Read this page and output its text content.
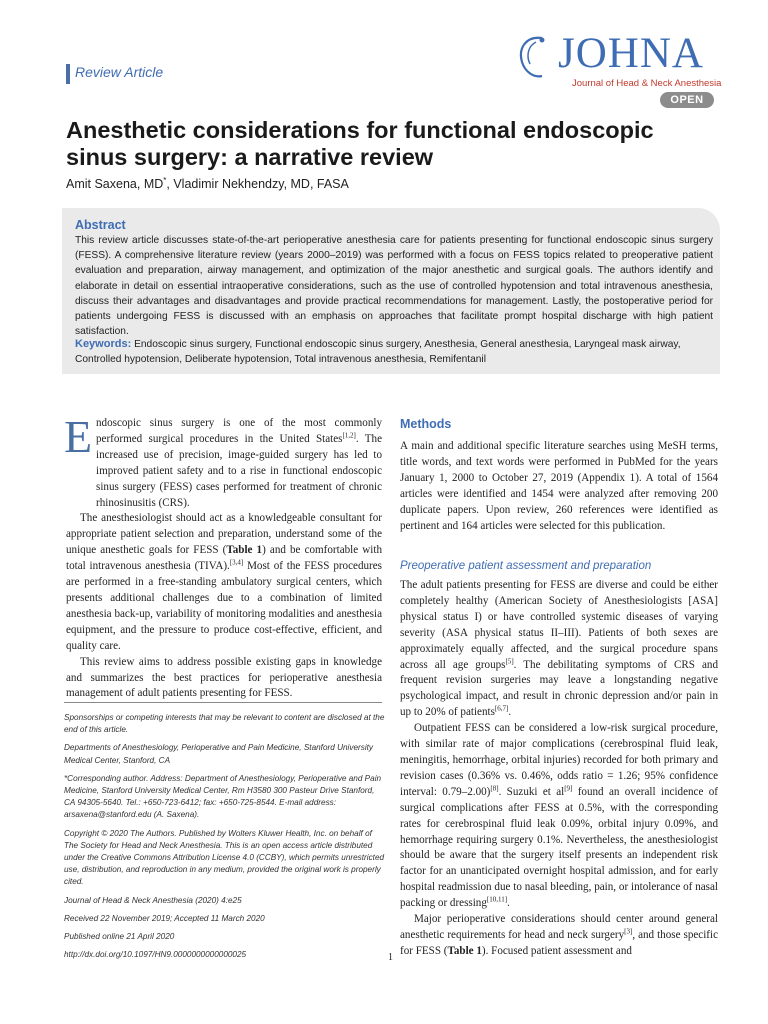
Review Article	JOHNA
Journal of Head & Neck Anesthesia
OPEN
Anesthetic considerations for functional endoscopic sinus surgery: a narrative review
Amit Saxena, MD*, Vladimir Nekhendzy, MD, FASA
Abstract
This review article discusses state-of-the-art perioperative anesthesia care for patients presenting for functional endoscopic sinus surgery (FESS). A comprehensive literature review (years 2000–2019) was performed with a focus on FESS topics related to preoperative patient evaluation and preparation, airway management, and optimization of the major anesthetic and surgical goals. The authors identify and elaborate in detail on essential intraoperative considerations, such as the use of controlled hypotension and total intravenous anesthesia, discuss their advantages and disadvantages and provide practical recommendations for management. Lastly, the postoperative period for patients undergoing FESS is discussed with an emphasis on approaches that facilitate prompt hospital discharge with high patient satisfaction.
Keywords: Endoscopic sinus surgery, Functional endoscopic sinus surgery, Anesthesia, General anesthesia, Laryngeal mask airway, Controlled hypotension, Deliberate hypotension, Total intravenous anesthesia, Remifentanil
E ndoscopic sinus surgery is one of the most commonly performed surgical procedures in the United States[1,2]. The increased use of precision, image-guided surgery has led to improved patient safety and to a rise in functional endoscopic sinus surgery (FESS) cases performed for treatment of chronic rhinosinusitis (CRS).

The anesthesiologist should act as a knowledgeable consultant for appropriate patient selection and preparation, understand some of the unique anesthetic goals for FESS (Table 1) and be comfortable with total intravenous anesthesia (TIVA).[3,4] Most of the FESS procedures are performed in a free-standing ambulatory surgical centers, which presents additional challenges due to a combination of limited anesthesia back-up, variability of monitoring modalities and anesthesia equipment, and the pressure to produce cost-effective, efficient, and quality care.

This review aims to address possible existing gaps in knowledge and summarizes the best practices for perioperative anesthesia management of adult patients presenting for FESS.

Sponsorships or competing interests that may be relevant to content are disclosed at the end of this article.

Departments of Anesthesiology, Perioperative and Pain Medicine, Stanford University Medical Center, Stanford, CA

*Corresponding author. Address: Department of Anesthesiology, Perioperative and Pain Medicine, Stanford University Medical Center, Rm H3580 300 Pasteur Drive Stanford, CA 94305-5640. Tel.: +650-723-6412; fax: +650-725-8544. E-mail address: arsaxena@stanford.edu (A. Saxena).

Copyright © 2020 The Authors. Published by Wolters Kluwer Health, Inc. on behalf of The Society for Head and Neck Anesthesia. This is an open access article distributed under the Creative Commons Attribution License 4.0 (CCBY), which permits unrestricted use, distribution, and reproduction in any medium, provided the original work is properly cited.

Journal of Head & Neck Anesthesia (2020) 4:e25

Received 22 November 2019; Accepted 11 March 2020

Published online 21 April 2020

http://dx.doi.org/10.1097/HN9.0000000000000025

Methods

A main and additional specific literature searches using MeSH terms, title words, and text words were performed in PubMed for the years January 1, 2000 to October 27, 2019 (Appendix 1). A total of 1564 articles were identified and 1454 were analyzed after removing 200 duplicate papers. Upon review, 260 references were identified as pertinent and 164 articles were selected for this publication.

Preoperative patient assessment and preparation

The adult patients presenting for FESS are diverse and could be either completely healthy (American Society of Anesthesiologists [ASA] physical status I) or have controlled systemic diseases of varying severity (ASA physical status II–III). Patients of both sexes are approximately equally affected, and the surgical procedure spans across all age groups[5]. The debilitating symptoms of CRS and frequent revision surgeries may leave a longstanding negative psychological impact, and result in chronic depression and/or pain in up to 20% of patients[6,7].

Outpatient FESS can be considered a low-risk surgical procedure, with similar rate of major complications (cerebrospinal fluid leak, meningitis, hemorrhage, orbital injuries) recorded for both primary and revision cases (0.36% vs. 0.46%, odds ratio = 1.26; 95% confidence interval: 0.79–2.00)[8]. Suzuki et al[9] found an overall incidence of surgical complications after FESS at 0.5%, with the corresponding rates for cerebrospinal fluid leak 0.09%, orbital injury 0.09%, and hemorrhage requiring surgery 0.1%. Nevertheless, the anesthesiologist should be aware that the surgery itself presents an independent risk factor for an unanticipated overnight hospital admission, and for early hospital readmission due to nasal bleeding, pain, or intolerance of nasal packing or dressing[10,11].

Major perioperative considerations should center around general anesthetic requirements for head and neck surgery[3], and those specific for FESS (Table 1). Focused patient assessment and

1
